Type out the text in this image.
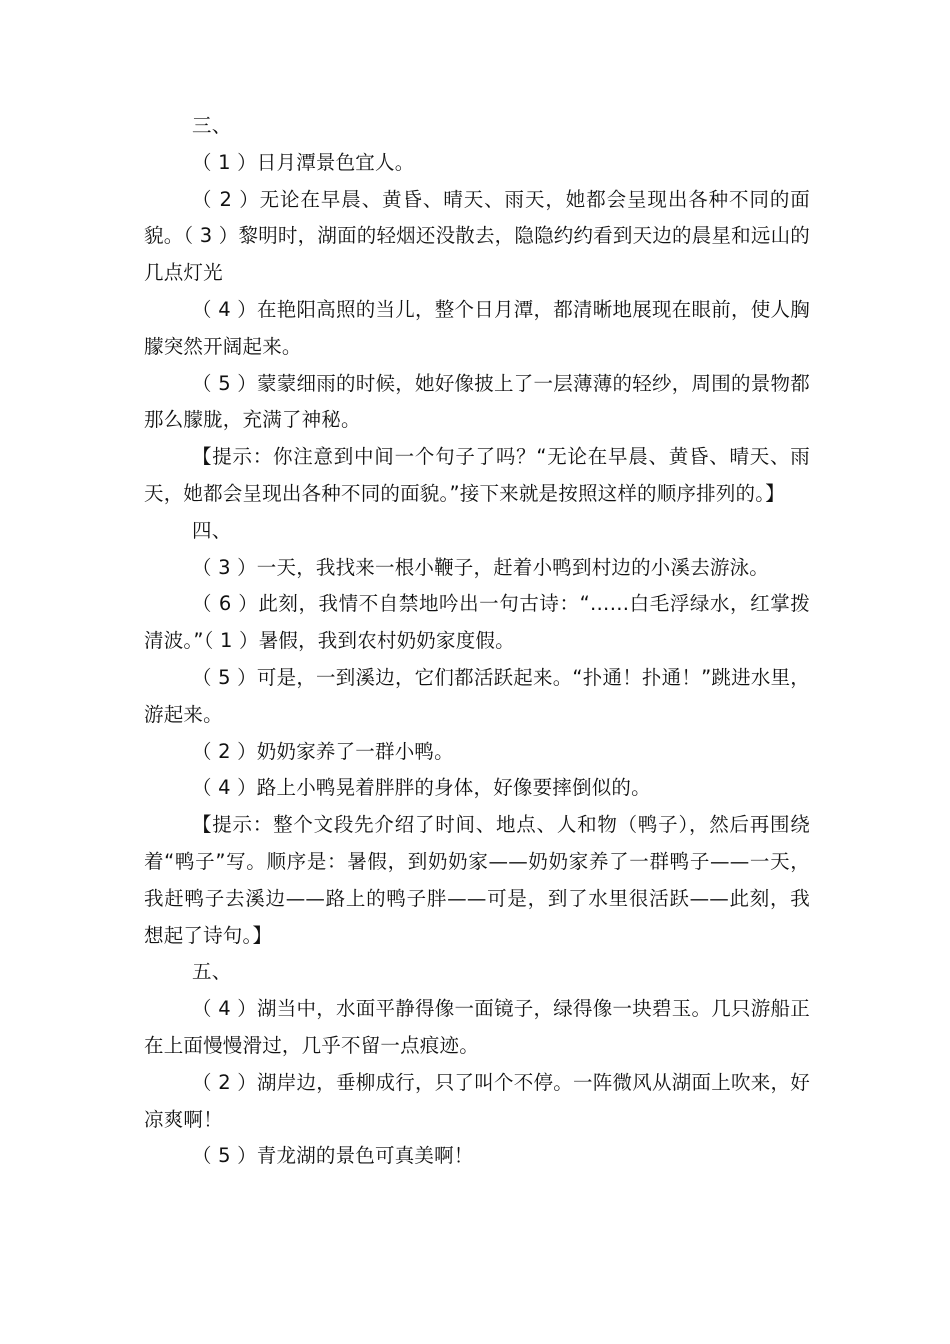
三、

（ 1 ）日月潭景色宜人。

（ 2 ）无论在早晨、黄昏、晴天、雨天，她都会呈现出各种不同的面貌。（ 3 ）黎明时，湖面的轻烟还没散去，隐隐约约看到天边的晨星和远山的几点灯光

（ 4 ）在艳阳高照的当儿，整个日月潭，都清晰地展现在眼前，使人胸朦突然开阔起来。

（ 5 ）蒙蒙细雨的时候，她好像披上了一层薄薄的轻纱，周围的景物都那么朦胧，充满了神秘。

【提示：你注意到中间一个句子了吗？“无论在早晨、黄昏、晴天、雨天，她都会呈现出各种不同的面貌。”接下来就是按照这样的顺序排列的。】

四、

（ 3 ）一天，我找来一根小鞭子，赶着小鸭到村边的小溪去游泳。

（ 6 ）此刻，我情不自禁地吟出一句古诗：“……白毛浮绿水，红掌拨清波。”（ 1 ）暑假，我到农村奶奶家度假。

（ 5 ）可是，一到溪边，它们都活跃起来。“扑通！扑通！”跳进水里，游起来。

（ 2 ）奶奶家养了一群小鸭。

（ 4 ）路上小鸭晃着胖胖的身体，好像要摔倒似的。

【提示：整个文段先介绍了时间、地点、人和物（鸭子），然后再围绕着“鸭子”写。顺序是：暑假，到奶奶家——奶奶家养了一群鸭子——一天，我赶鸭子去溪边——路上的鸭子胖——可是，到了水里很活跃——此刻，我想起了诗句。】

五、

（ 4 ）湖当中，水面平静得像一面镜子，绿得像一块碧玉。几只游船正在上面慢慢滑过，几乎不留一点痕迹。

（ 2 ）湖岸边，垂柳成行，只了叫个不停。一阵微风从湖面上吹来，好凉爽啊！

（ 5 ）青龙湖的景色可真美啊！
